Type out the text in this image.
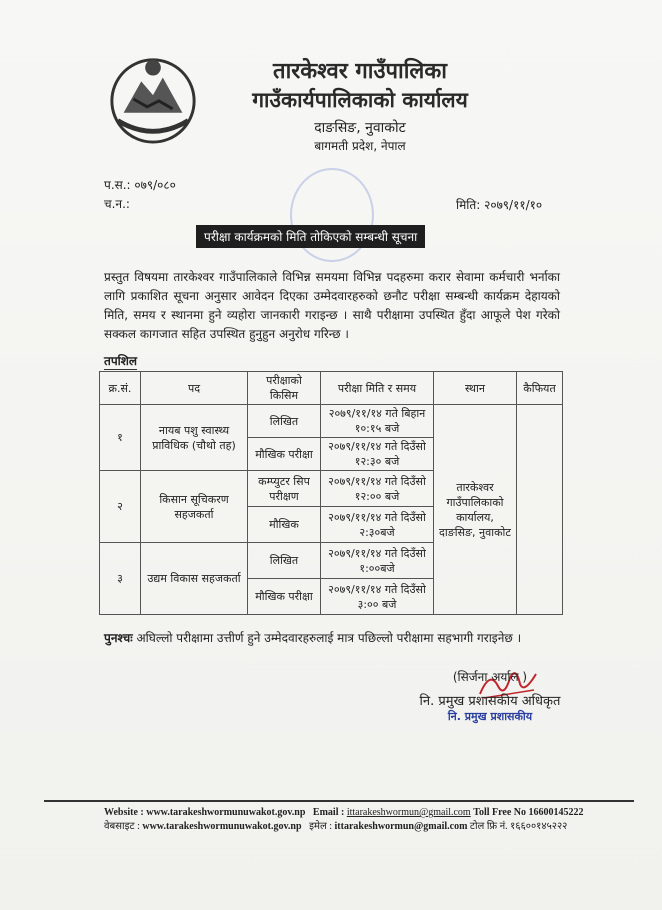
तारकेश्वर गाउँपालिका
गाउँकार्यपालिकाको कार्यालय
दाङसिङ, नुवाकोट
बागमती प्रदेश, नेपाल
प.स.: ०७९/०८०
च.न.:	मिति: २०७९/११/१०
परीक्षा कार्यक्रमको मिति तोकिएको सम्बन्धी सूचना
प्रस्तुत विषयमा तारकेश्वर गाउँपालिकाले विभिन्न समयमा विभिन्न पदहरुमा करार सेवामा कर्मचारी भर्नाका लागि प्रकाशित सूचना अनुसार आवेदन दिएका उम्मेदवारहरुको छनौट परीक्षा सम्बन्धी कार्यक्रम देहायको मिति, समय र स्थानमा हुने व्यहोरा जानकारी गराइन्छ । साथै परीक्षामा उपस्थित हुँदा आफूले पेश गरेको सक्कल कागजात सहित उपस्थित हुनुहुन अनुरोध गरिन्छ ।
तपशिल
क्र.सं.	पद	परीक्षाको किसिम	परीक्षा मिति र समय	स्थान	कैफियत
१	नायब पशु स्वास्थ्य प्राविधिक (चौथो तह)	लिखित	२०७९/११/१४ गते बिहान १०:१५ बजे	तारकेश्वर गाउँपालिकाको कार्यालय, दाङसिङ, नुवाकोट	
		मौखिक परीक्षा	२०७९/११/१४ गते दिउँसो १२:३० बजे		
२	किसान सूचिकरण सहजकर्ता	कम्प्युटर सिप परीक्षण	२०७९/११/१४ गते दिउँसो १२:०० बजे		
		मौखिक	२०७९/११/१४ गते दिउँसो २:३०बजे		
३	उद्यम विकास सहजकर्ता	लिखित	२०७९/११/१४ गते दिउँसो १:००बजे		
		मौखिक परीक्षा	२०७९/११/१४ गते दिउँसो ३:०० बजे		
पुनश्चः अघिल्लो परीक्षामा उत्तीर्ण हुने उम्मेदवारहरुलाई मात्र पछिल्लो परीक्षामा सहभागी गराइनेछ ।
(सिर्जना अर्याल )
नि. प्रमुख प्रशासकीय अधिकृत
नि. प्रमुख प्रशासकीय
Website : www.tarakeshwormunuwakot.gov.np Email : ittarakeshwormun@gmail.com Toll Free No 16600145222
वेबसाइट : www.tarakeshwormunuwakot.gov.np इमेल : ittarakeshwormun@gmail.com टोल फ्रि नं. १६६००१४५२२२
